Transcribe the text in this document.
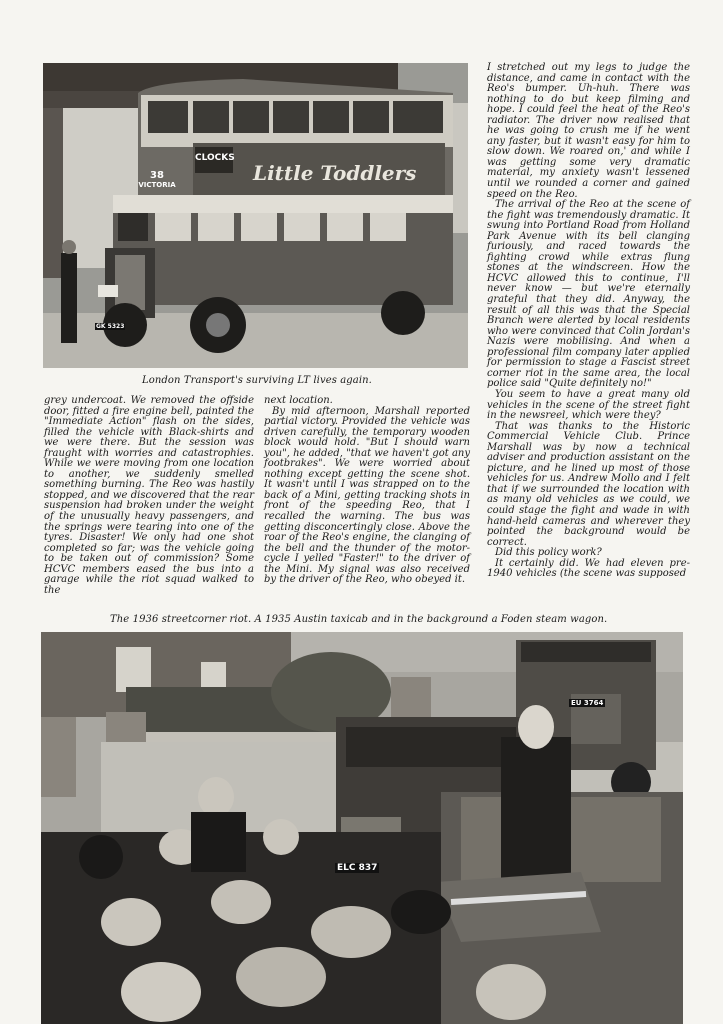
38
VICTORIA
CLOCKS
Little Toddlers
GK 5323

I stretched out my legs to judge the distance, and came in contact with the Reo's bumper. Uh-huh. There was nothing to do but keep filming and hope. I could feel the heat of the Reo's radiator. The driver now realised that he was going to crush me if he went any faster, but it wasn't easy for him to slow down. We roared on,' and while I was getting some very dramatic material, my anxiety wasn't lessened until we rounded a corner and gained speed on the Reo.

The arrival of the Reo at the scene of the fight was tremendously dramatic. It swung into Portland Road from Holland Park Avenue with its bell clanging furiously, and raced towards the fighting crowd while extras flung stones at the windscreen. How the HCVC allowed this to continue, I'll never know — but we're eternally grateful that they did. Anyway, the result of all this was that the Special Branch were alerted by local residents who were convinced that Colin Jordan's Nazis were mobilising. And when a professional film company later applied for permission to stage a Fascist street corner riot in the same area, the local police said "Quite definitely no!"

You seem to have a great many old vehicles in the scene of the street fight in the newsreel, which were they?

That was thanks to the Historic Commercial Vehicle Club. Prince Marshall was by now a technical adviser and production assistant on the picture, and he lined up most of those vehicles for us. Andrew Mollo and I felt that if we surrounded the location with as many old vehicles as we could, we could stage the fight and wade in with hand-held cameras and wherever they pointed the background would be correct.

Did this policy work?

It certainly did. We had eleven pre-1940 vehicles (the scene was supposed

London Transport's surviving LT lives again.

grey undercoat. We removed the offside door, fitted a fire engine bell, painted the "Immediate Action" flash on the sides, filled the vehicle with Black-shirts and we were there. But the session was fraught with worries and catastrophies. While we were moving from one location to another, we suddenly smelled something burning. The Reo was hastily stopped, and we discovered that the rear suspension had broken under the weight of the unusually heavy passengers, and the springs were tearing into one of the tyres. Disaster! We only had one shot completed so far; was the vehicle going to be taken out of commission? Some HCVC members eased the bus into a garage while the riot squad walked to the

next location.

By mid afternoon, Marshall reported partial victory. Provided the vehicle was driven carefully, the temporary wooden block would hold. "But I should warn you", he added, "that we haven't got any footbrakes". We were worried about nothing except getting the scene shot. It wasn't until I was strapped on to the back of a Mini, getting tracking shots in front of the speeding Reo, that I recalled the warning. The bus was getting disconcertingly close. Above the roar of the Reo's engine, the clanging of the bell and the thunder of the motor-cycle I yelled "Faster!" to the driver of the Mini. My signal was also received by the driver of the Reo, who obeyed it.

The 1936 streetcorner riot. A 1935 Austin taxicab and in the background a Foden steam wagon.
EU 3764
ELC 837
